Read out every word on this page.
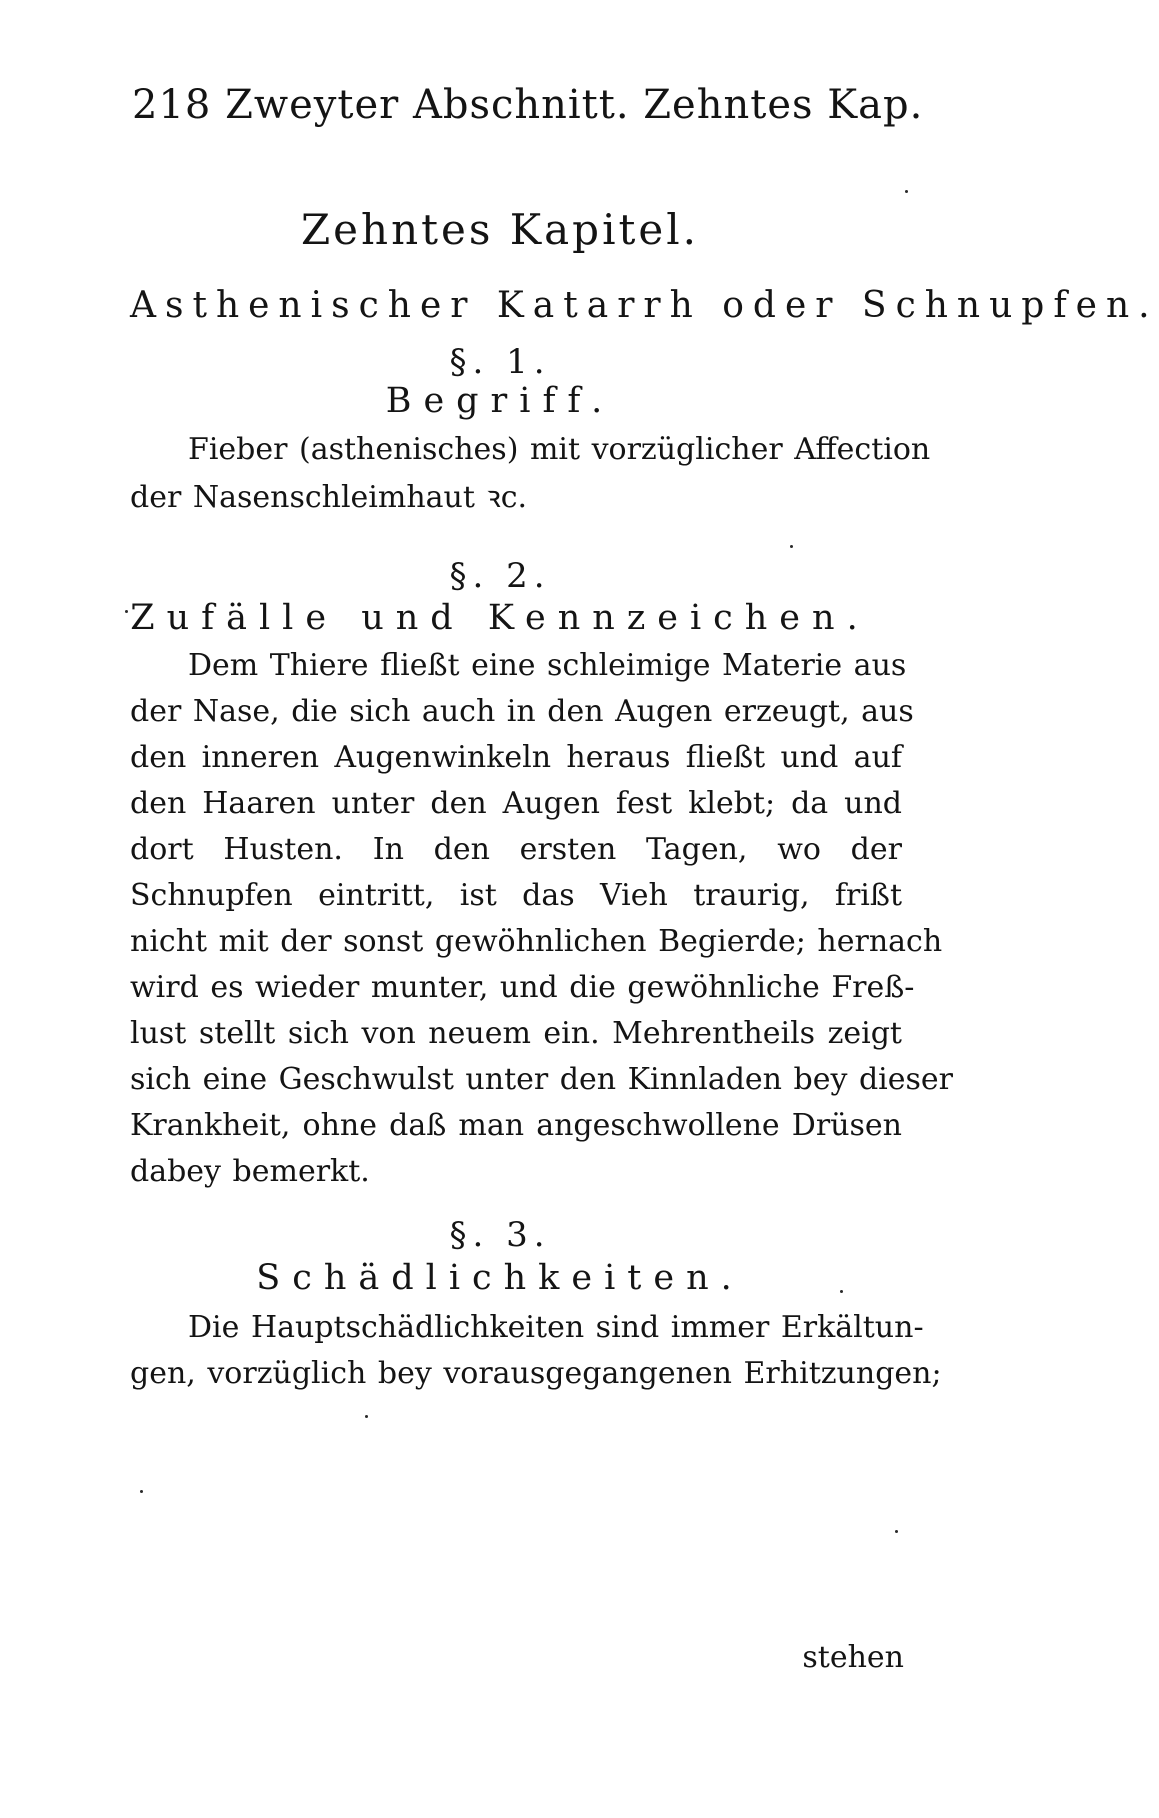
218 Zweyter Abschnitt. Zehntes Kap.
Zehntes Kapitel.
Asthenischer Katarrh oder Schnupfen.
§. 1.
Begriff.
Fieber (asthenisches) mit vorzüglicher Affection
der Nasenschleimhaut ꝛc.
§. 2.
Zufälle und Kennzeichen.
Dem Thiere fließt eine schleimige Materie aus
der Nase, die sich auch in den Augen erzeugt, aus
den inneren Augenwinkeln heraus fließt und auf
den Haaren unter den Augen fest klebt; da und
dort Husten. In den ersten Tagen, wo der
Schnupfen eintritt, ist das Vieh traurig, frißt
nicht mit der sonst gewöhnlichen Begierde; hernach
wird es wieder munter, und die gewöhnliche Freß-
lust stellt sich von neuem ein. Mehrentheils zeigt
sich eine Geschwulst unter den Kinnladen bey dieser
Krankheit, ohne daß man angeschwollene Drüsen
dabey bemerkt.
§. 3.
Schädlichkeiten.
Die Hauptschädlichkeiten sind immer Erkältun-
gen, vorzüglich bey vorausgegangenen Erhitzungen;
stehen
